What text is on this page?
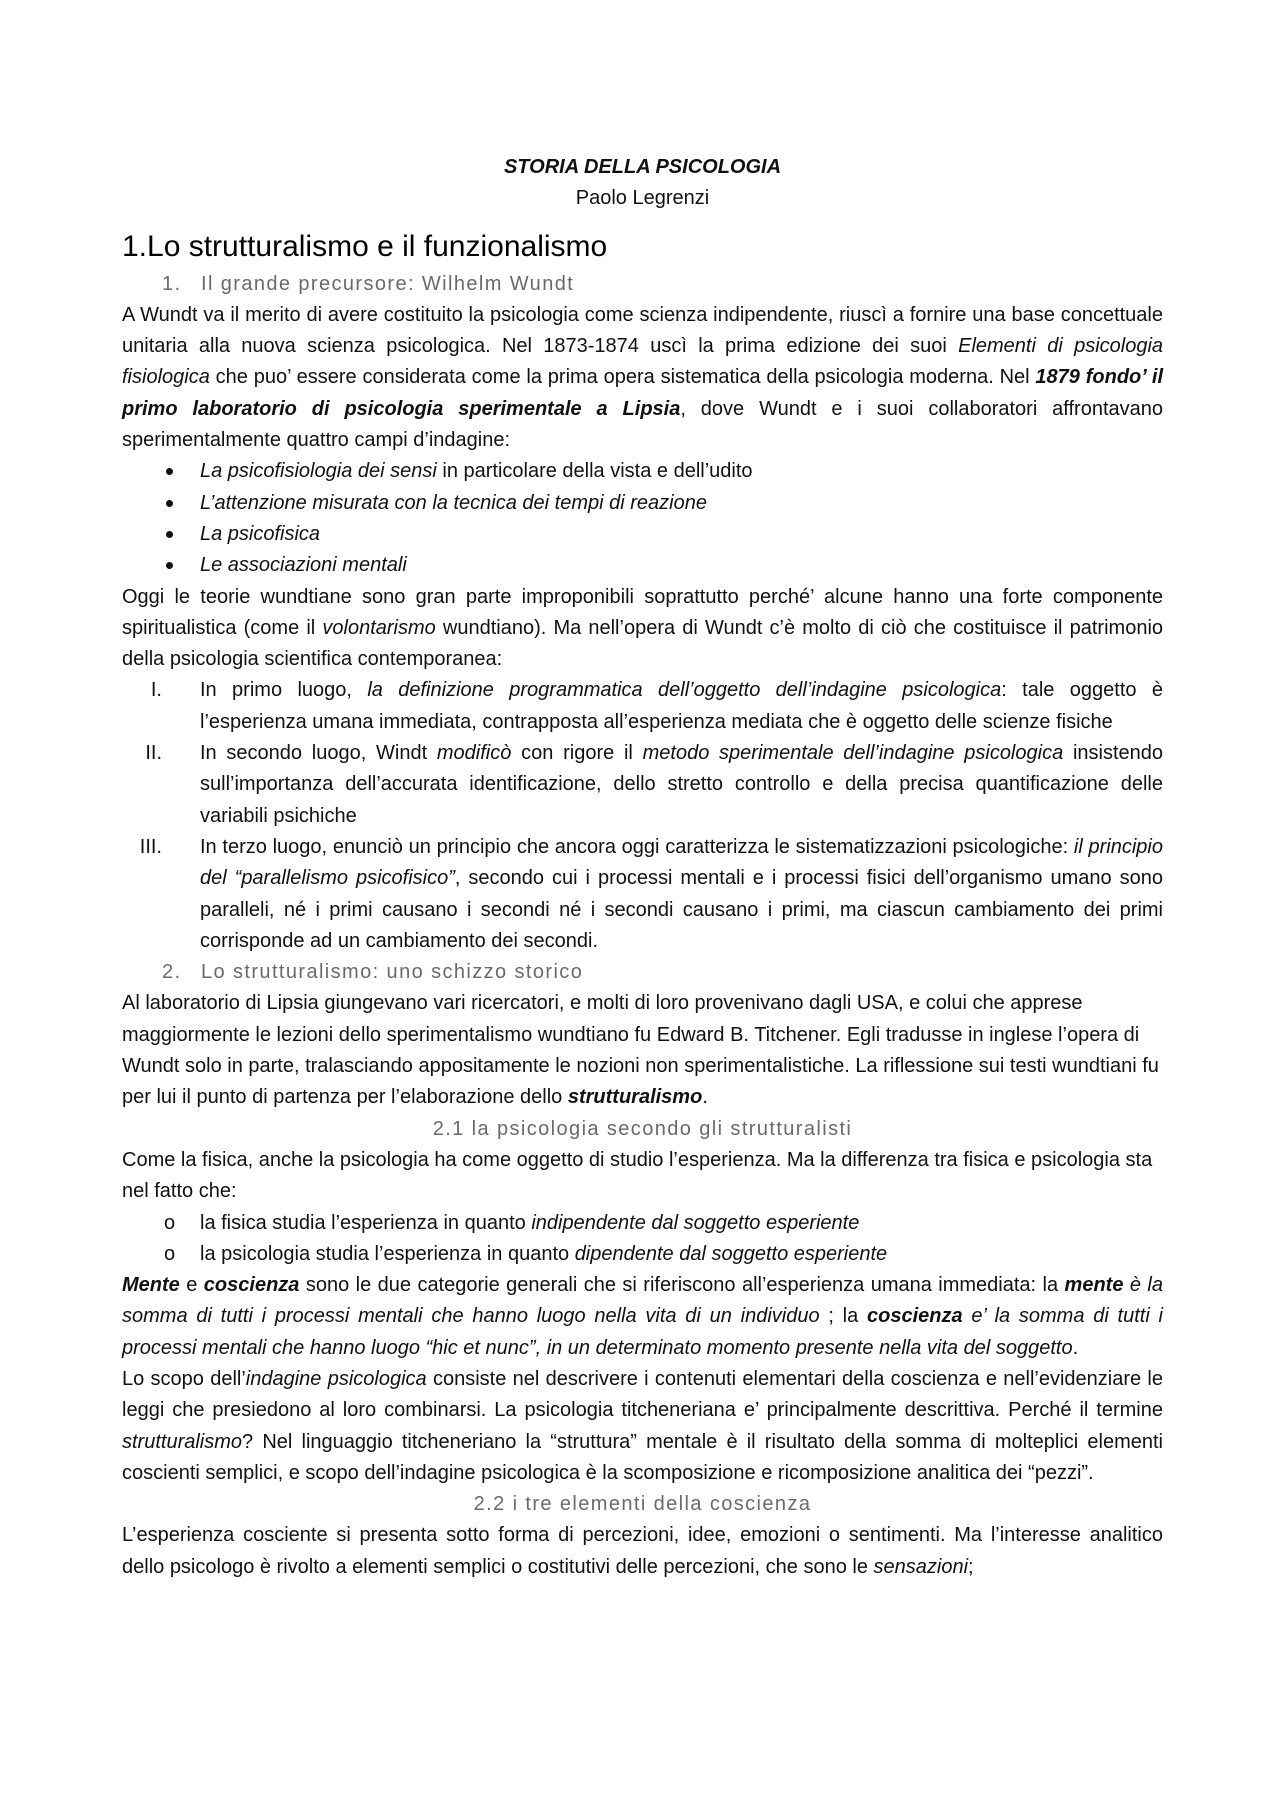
STORIA DELLA PSICOLOGIA

Paolo Legrenzi

1.Lo strutturalismo e il funzionalismo
1. Il grande precursore: Wilhelm Wundt

A Wundt va il merito di avere costituito la psicologia come scienza indipendente, riuscì a fornire una base concettuale unitaria alla nuova scienza psicologica. Nel 1873-1874 uscì la prima edizione dei suoi Elementi di psicologia fisiologica che puo’ essere considerata come la prima opera sistematica della psicologia moderna. Nel 1879 fondo’ il primo laboratorio di psicologia sperimentale a Lipsia, dove Wundt e i suoi collaboratori affrontavano sperimentalmente quattro campi d’indagine:

La psicofisiologia dei sensi in particolare della vista e dell’udito
L’attenzione misurata con la tecnica dei tempi di reazione
La psicofisica
Le associazioni mentali

Oggi le teorie wundtiane sono gran parte improponibili soprattutto perché’ alcune hanno una forte componente spiritualistica (come il volontarismo wundtiano). Ma nell’opera di Wundt c’è molto di ciò che costituisce il patrimonio della psicologia scientifica contemporanea:

I. In primo luogo, la definizione programmatica dell’oggetto dell’indagine psicologica: tale oggetto è l’esperienza umana immediata, contrapposta all’esperienza mediata che è oggetto delle scienze fisiche
II. In secondo luogo, Windt modificò con rigore il metodo sperimentale dell’indagine psicologica insistendo sull’importanza dell’accurata identificazione, dello stretto controllo e della precisa quantificazione delle variabili psichiche
III. In terzo luogo, enunciò un principio che ancora oggi caratterizza le sistematizzazioni psicologiche: il principio del “parallelismo psicofisico”, secondo cui i processi mentali e i processi fisici dell’organismo umano sono paralleli, né i primi causano i secondi né i secondi causano i primi, ma ciascun cambiamento dei primi corrisponde ad un cambiamento dei secondi.
2. Lo strutturalismo: uno schizzo storico

Al laboratorio di Lipsia giungevano vari ricercatori, e molti di loro provenivano dagli USA, e colui che apprese maggiormente le lezioni dello sperimentalismo wundtiano fu Edward B. Titchener. Egli tradusse in inglese l’opera di Wundt solo in parte, tralasciando appositamente le nozioni non sperimentalistiche. La riflessione sui testi wundtiani fu per lui il punto di partenza per l’elaborazione dello strutturalismo.

2.1 la psicologia secondo gli strutturalisti

Come la fisica, anche la psicologia ha come oggetto di studio l’esperienza. Ma la differenza tra fisica e psicologia sta nel fatto che:

o la fisica studia l’esperienza in quanto indipendente dal soggetto esperiente
o la psicologia studia l’esperienza in quanto dipendente dal soggetto esperiente

Mente e coscienza sono le due categorie generali che si riferiscono all’esperienza umana immediata: la mente è la somma di tutti i processi mentali che hanno luogo nella vita di un individuo ; la coscienza e’ la somma di tutti i processi mentali che hanno luogo “hic et nunc”, in un determinato momento presente nella vita del soggetto.

Lo scopo dell’indagine psicologica consiste nel descrivere i contenuti elementari della coscienza e nell’evidenziare le leggi che presiedono al loro combinarsi. La psicologia titcheneriana e’ principalmente descrittiva. Perché il termine strutturalismo? Nel linguaggio titcheneriano la “struttura” mentale è il risultato della somma di molteplici elementi coscienti semplici, e scopo dell’indagine psicologica è la scomposizione e ricomposizione analitica dei “pezzi”.

2.2 i tre elementi della coscienza

L’esperienza cosciente si presenta sotto forma di percezioni, idee, emozioni o sentimenti. Ma l’interesse analitico dello psicologo è rivolto a elementi semplici o costitutivi delle percezioni, che sono le sensazioni;
